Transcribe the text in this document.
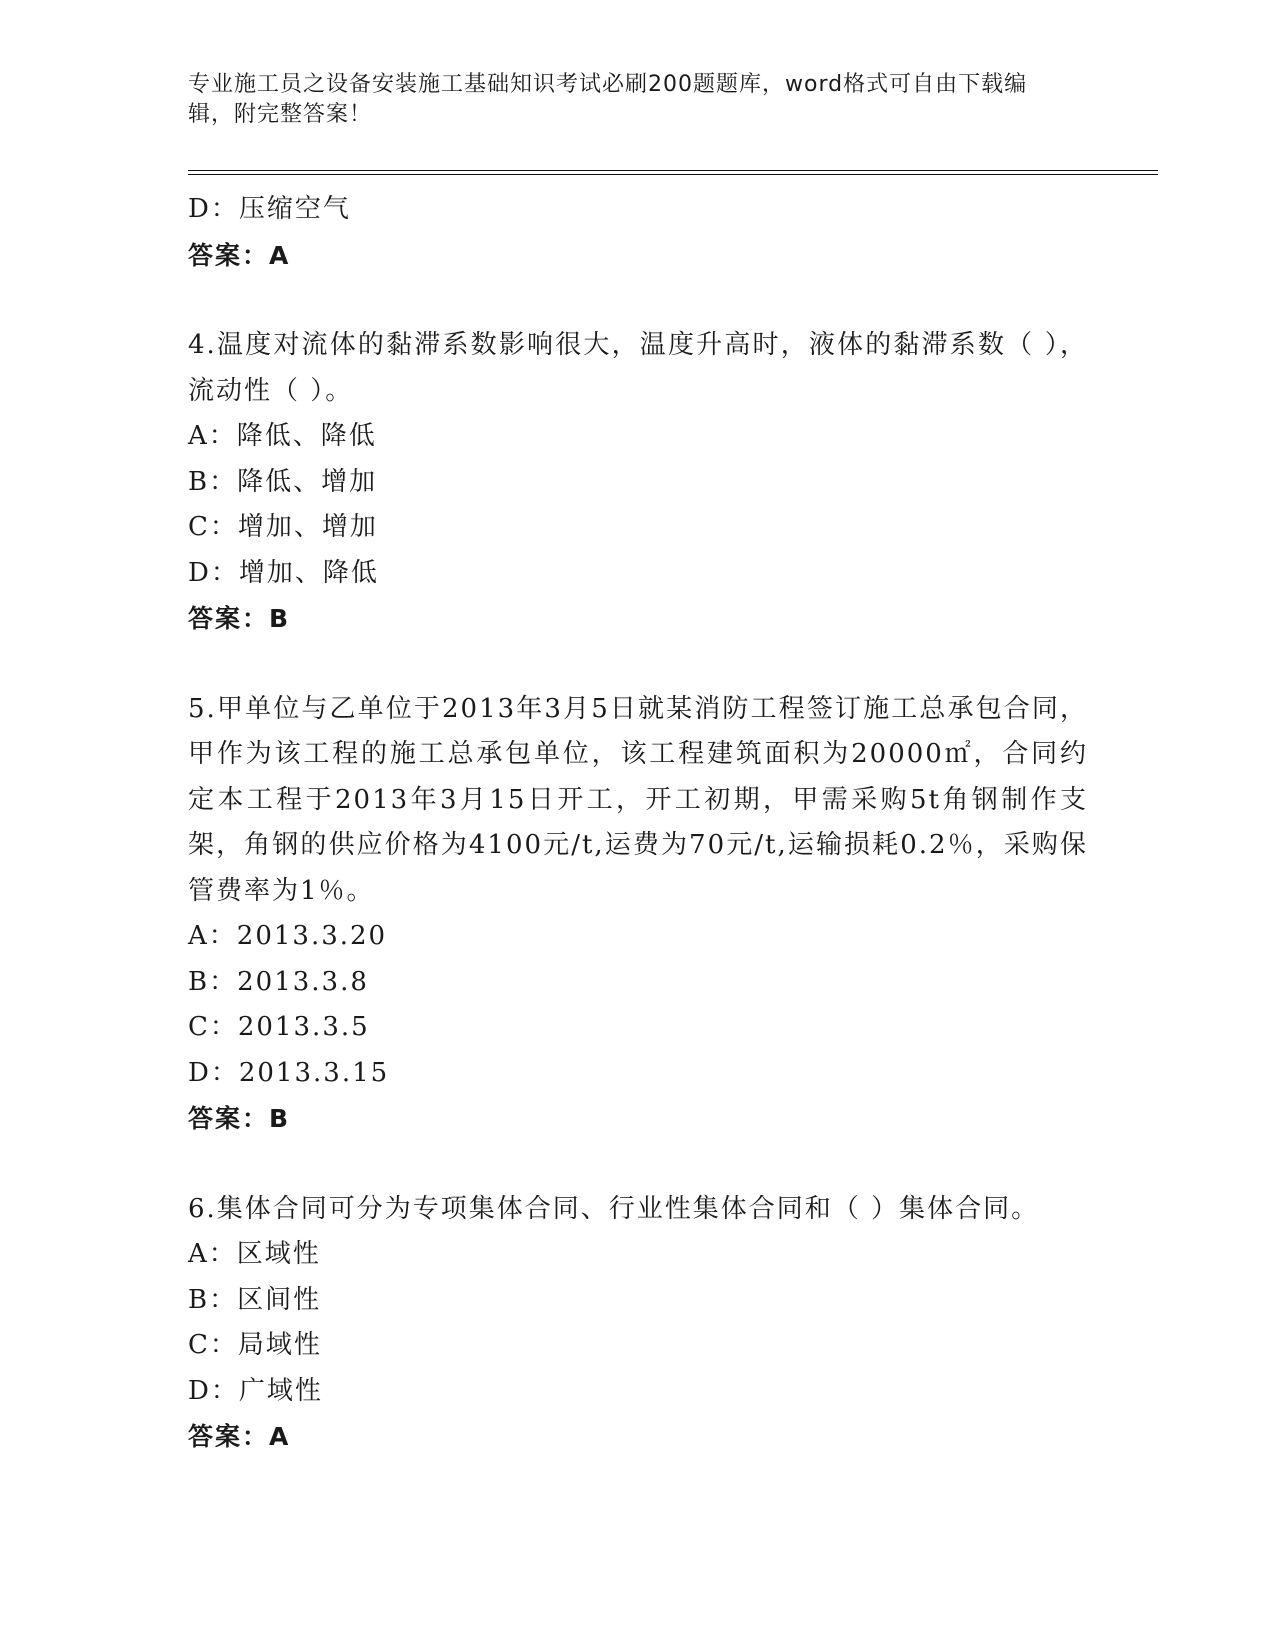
专业施工员之设备安装施工基础知识考试必刷200题题库，word格式可自由下载编辑，附完整答案！

D：压缩空气
答案：A
4.温度对流体的黏滞系数影响很大，温度升高时，液体的黏滞系数（ ），流动性（ ）。
A：降低、降低
B：降低、增加
C：增加、增加
D：增加、降低
答案：B
5.甲单位与乙单位于2013年3月5日就某消防工程签订施工总承包合同，甲作为该工程的施工总承包单位，该工程建筑面积为20000㎡，合同约定本工程于2013年3月15日开工，开工初期，甲需采购5t角钢制作支架，角钢的供应价格为4100元/t,运费为70元/t,运输损耗0.2％，采购保管费率为1％。
A：2013.3.20
B：2013.3.8
C：2013.3.5
D：2013.3.15
答案：B
6.集体合同可分为专项集体合同、行业性集体合同和（ ）集体合同。
A：区域性
B：区间性
C：局域性
D：广域性
答案：A
